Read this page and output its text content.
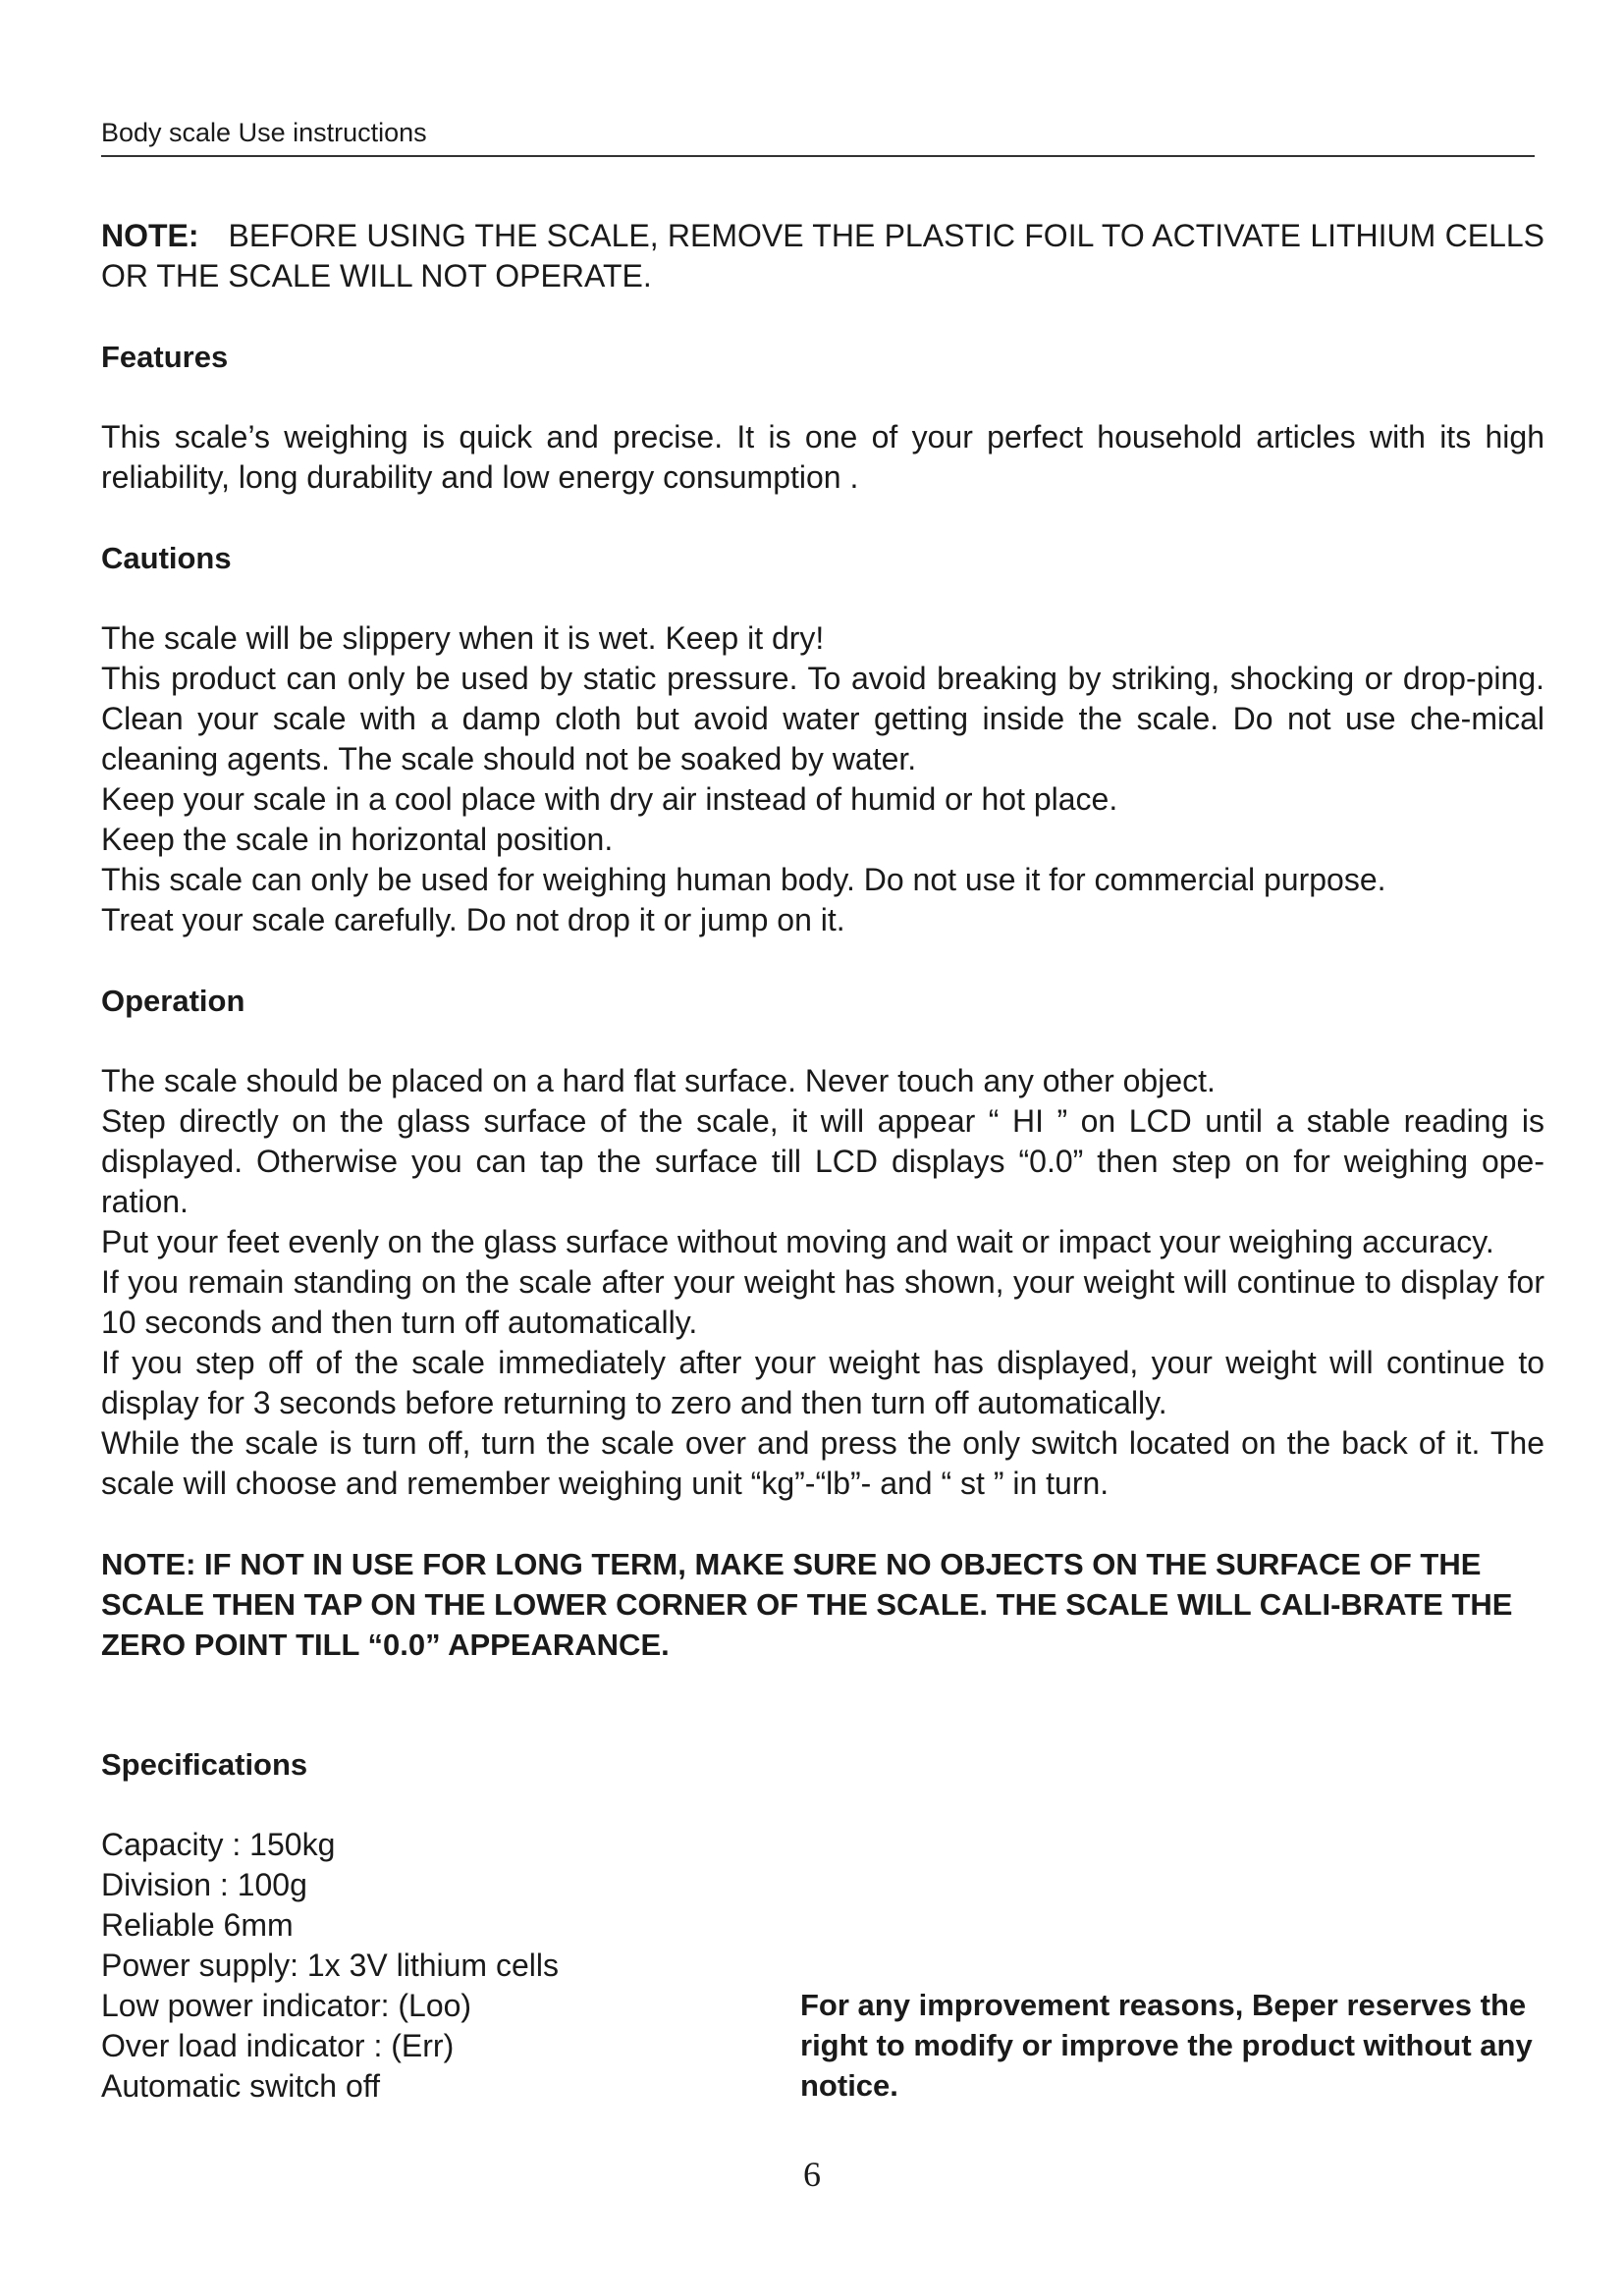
Body scale Use instructions

NOTE: BEFORE USING THE SCALE, REMOVE THE PLASTIC FOIL TO ACTIVATE LITHIUM CELLS OR THE SCALE WILL NOT OPERATE.

Features

This scale’s weighing is quick and precise. It is one of your perfect household articles with its high reliability, long durability and low energy consumption .

Cautions

The scale will be slippery when it is wet. Keep it dry!

This product can only be used by static pressure. To avoid breaking by striking, shocking or drop-ping. Clean your scale with a damp cloth but avoid water getting inside the scale. Do not use che-mical cleaning agents. The scale should not be soaked by water.

Keep your scale in a cool place with dry air instead of humid or hot place.

Keep the scale in horizontal position.

This scale can only be used for weighing human body. Do not use it for commercial purpose.

Treat your scale carefully. Do not drop it or jump on it.

Operation

The scale should be placed on a hard flat surface. Never touch any other object.

Step directly on the glass surface of the scale, it will appear “ HI ” on LCD until a stable reading is displayed. Otherwise you can tap the surface till LCD displays “0.0” then step on for weighing ope-ration.

Put your feet evenly on the glass surface without moving and wait or impact your weighing accuracy.

If you remain standing on the scale after your weight has shown, your weight will continue to display for 10 seconds and then turn off automatically.

If you step off of the scale immediately after your weight has displayed, your weight will continue to display for 3 seconds before returning to zero and then turn off automatically.

While the scale is turn off, turn the scale over and press the only switch located on the back of it. The scale will choose and remember weighing unit “kg”-“lb”- and “ st ” in turn.

NOTE: IF NOT IN USE FOR LONG TERM, MAKE SURE NO OBJECTS ON THE SURFACE OF THE SCALE THEN TAP ON THE LOWER CORNER OF THE SCALE. THE SCALE WILL CALI-BRATE THE ZERO POINT TILL “0.0” APPEARANCE.

Specifications

Capacity : 150kg

Division : 100g

Reliable 6mm

Power supply: 1x 3V lithium cells

Low power indicator: (Loo)

Over load indicator : (Err)

Automatic switch off

For any improvement reasons, Beper reserves the right to modify or improve the product without any notice.
6
